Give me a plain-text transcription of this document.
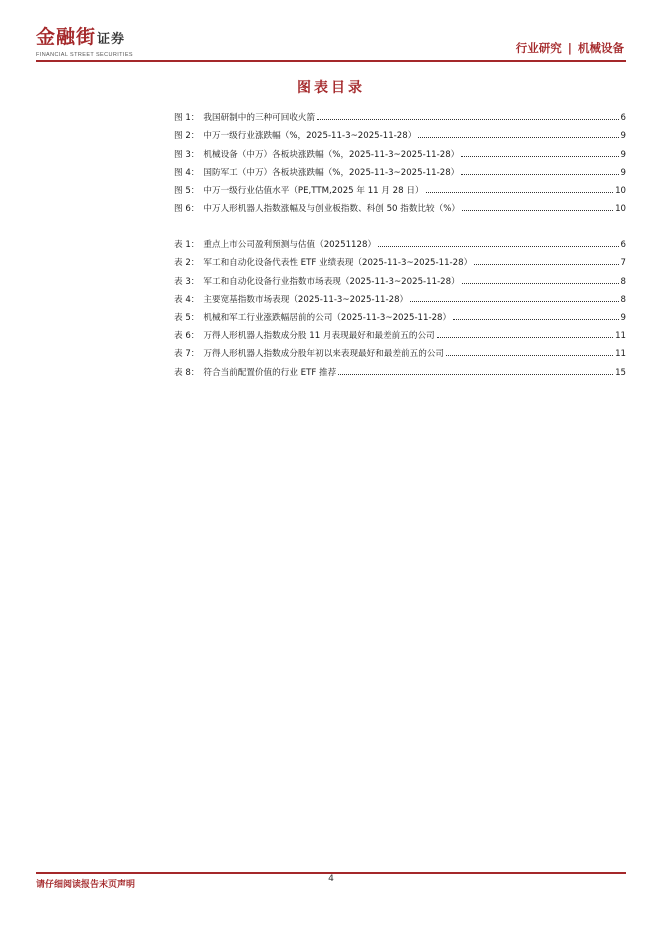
金融街证券
FINANCIAL STREET SECURITIES	行业研究 | 机械设备
图表目录
图 1： 我国研制中的三种可回收火箭	6
图 2： 中万一级行业涨跌幅（%，2025-11-3~2025-11-28）	9
图 3： 机械设备（中万）各板块涨跌幅（%，2025-11-3~2025-11-28）	9
图 4： 国防军工（中万）各板块涨跌幅（%，2025-11-3~2025-11-28）	9
图 5： 中万一级行业估值水平（PE,TTM,2025 年 11 月 28 日）	10
图 6： 中万人形机器人指数涨幅及与创业板指数、科创 50 指数比较（%）	10
表 1： 重点上市公司盈利预测与估值（20251128）	6
表 2： 军工和自动化设备代表性 ETF 业绩表现（2025-11-3~2025-11-28）	7
表 3： 军工和自动化设备行业指数市场表现（2025-11-3~2025-11-28）	8
表 4： 主要宽基指数市场表现（2025-11-3~2025-11-28）	8
表 5： 机械和军工行业涨跌幅居前的公司（2025-11-3~2025-11-28）	9
表 6： 万得人形机器人指数成分股 11 月表现最好和最差前五的公司	11
表 7： 万得人形机器人指数成分股年初以来表现最好和最差前五的公司	11
表 8： 符合当前配置价值的行业 ETF 推荐	15
请仔细阅读报告末页声明
4
